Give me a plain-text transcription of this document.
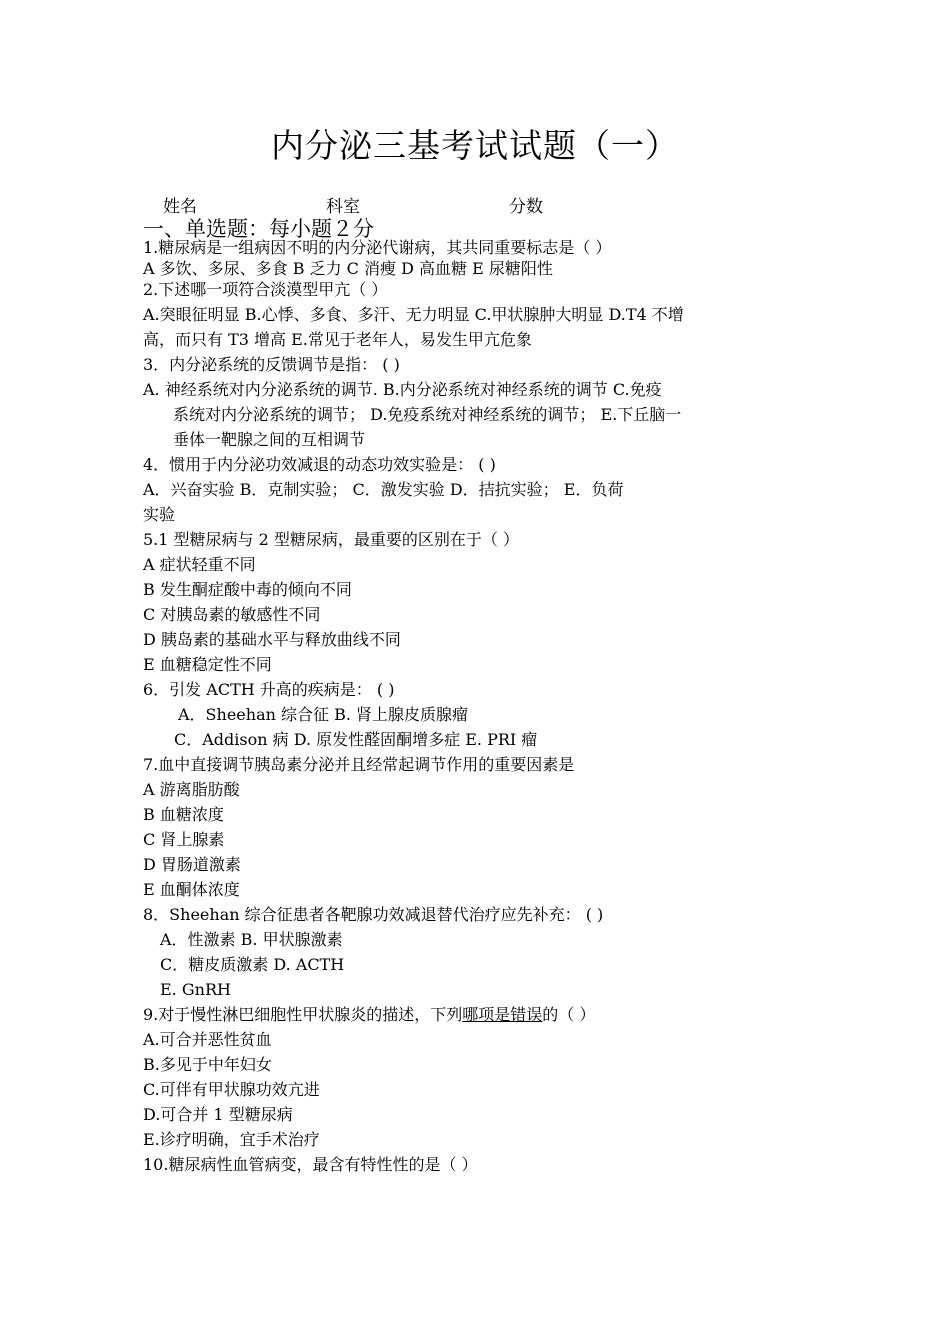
内分泌三基考试试题（一）
姓名	科室	分数
一、单选题：每小题２分
1.糖尿病是一组病因不明的内分泌代谢病，其共同重要标志是（ ）
A 多饮、多尿、多食 B 乏力 C 消瘦 D 高血糖 E 尿糖阳性
2.下述哪一项符合淡漠型甲亢（ ）
A.突眼征明显 B.心悸、多食、多汗、无力明显 C.甲状腺肿大明显 D.T4 不增
高，而只有 T3 增高 E.常见于老年人，易发生甲亢危象
3．内分泌系统的反馈调节是指： ( )
A. 神经系统对内分泌系统的调节. B.内分泌系统对神经系统的调节 C.免疫
系统对内分泌系统的调节； D.免疫系统对神经系统的调节； E.下丘脑一
垂体一靶腺之间的互相调节
4．惯用于内分泌功效减退的动态功效实验是： ( )
A．兴奋实验 B．克制实验； C．激发实验 D．拮抗实验； E．负荷
实验
5.1 型糖尿病与 2 型糖尿病，最重要的区别在于（ ）
A 症状轻重不同
B 发生酮症酸中毒的倾向不同
C 对胰岛素的敏感性不同
D 胰岛素的基础水平与释放曲线不同
E 血糖稳定性不同
6．引发 ACTH 升高的疾病是： ( )
A．Sheehan 综合征 B. 肾上腺皮质腺瘤
C．Addison 病 D. 原发性醛固酮增多症 E. PRI 瘤
7.血中直接调节胰岛素分泌并且经常起调节作用的重要因素是
A 游离脂肪酸
B 血糖浓度
C 肾上腺素
D 胃肠道激素
E 血酮体浓度
8．Sheehan 综合征患者各靶腺功效减退替代治疗应先补充： ( )
A．性激素 B. 甲状腺激素
C．糖皮质激素 D. ACTH
E. GnRH
9.对于慢性淋巴细胞性甲状腺炎的描述，下列哪项是错误的（ ）
A.可合并恶性贫血
B.多见于中年妇女
C.可伴有甲状腺功效亢进
D.可合并 1 型糖尿病
E.诊疗明确，宜手术治疗
10.糖尿病性血管病变，最含有特性性的是（ ）
